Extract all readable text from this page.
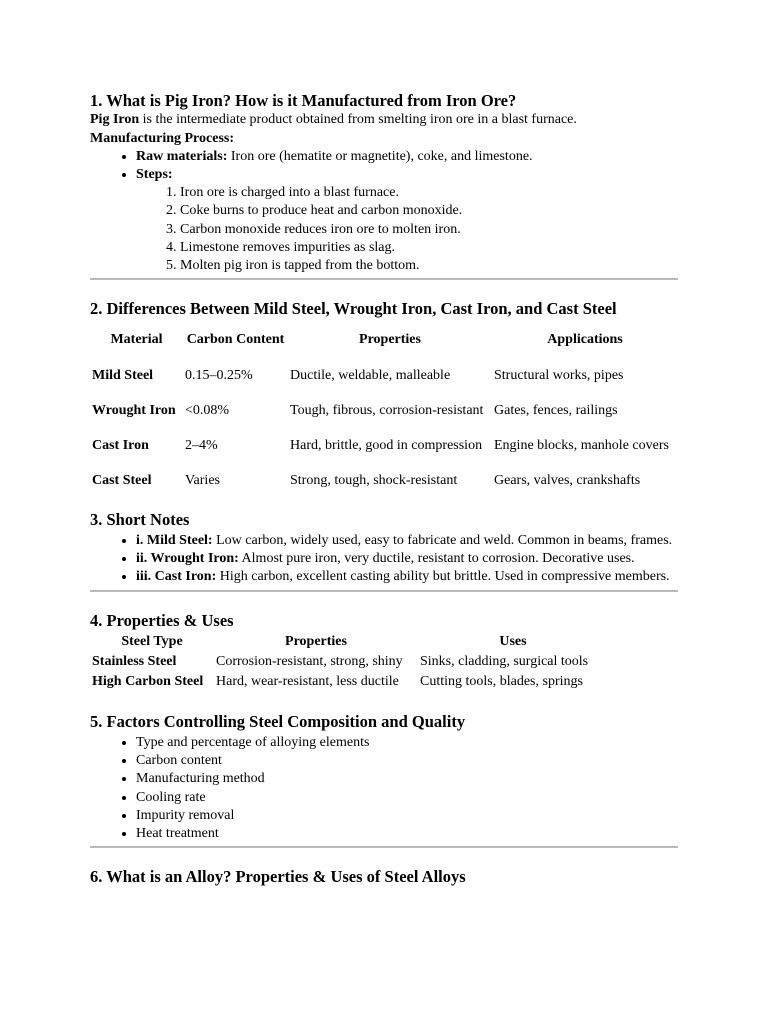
1. What is Pig Iron? How is it Manufactured from Iron Ore?

Pig Iron is the intermediate product obtained from smelting iron ore in a blast furnace.

Manufacturing Process:

• Raw materials: Iron ore (hematite or magnetite), coke, and limestone.
• Steps:
1. Iron ore is charged into a blast furnace.
2. Coke burns to produce heat and carbon monoxide.
3. Carbon monoxide reduces iron ore to molten iron.
4. Limestone removes impurities as slag.
5. Molten pig iron is tapped from the bottom.
2. Differences Between Mild Steel, Wrought Iron, Cast Iron, and Cast Steel
Material	Carbon Content	Properties	Applications
Mild Steel	0.15–0.25%	Ductile, weldable, malleable	Structural works, pipes
Wrought Iron	<0.08%	Tough, fibrous, corrosion-resistant	Gates, fences, railings
Cast Iron	2–4%	Hard, brittle, good in compression	Engine blocks, manhole covers
Cast Steel	Varies	Strong, tough, shock-resistant	Gears, valves, crankshafts
3. Short Notes
• i. Mild Steel: Low carbon, widely used, easy to fabricate and weld. Common in beams, frames.
• ii. Wrought Iron: Almost pure iron, very ductile, resistant to corrosion. Decorative uses.
• iii. Cast Iron: High carbon, excellent casting ability but brittle. Used in compressive members.
4. Properties & Uses
Steel Type	Properties	Uses
Stainless Steel	Corrosion-resistant, strong, shiny	Sinks, cladding, surgical tools
High Carbon Steel	Hard, wear-resistant, less ductile	Cutting tools, blades, springs
5. Factors Controlling Steel Composition and Quality
• Type and percentage of alloying elements
• Carbon content
• Manufacturing method
• Cooling rate
• Impurity removal
• Heat treatment
6. What is an Alloy? Properties & Uses of Steel Alloys
